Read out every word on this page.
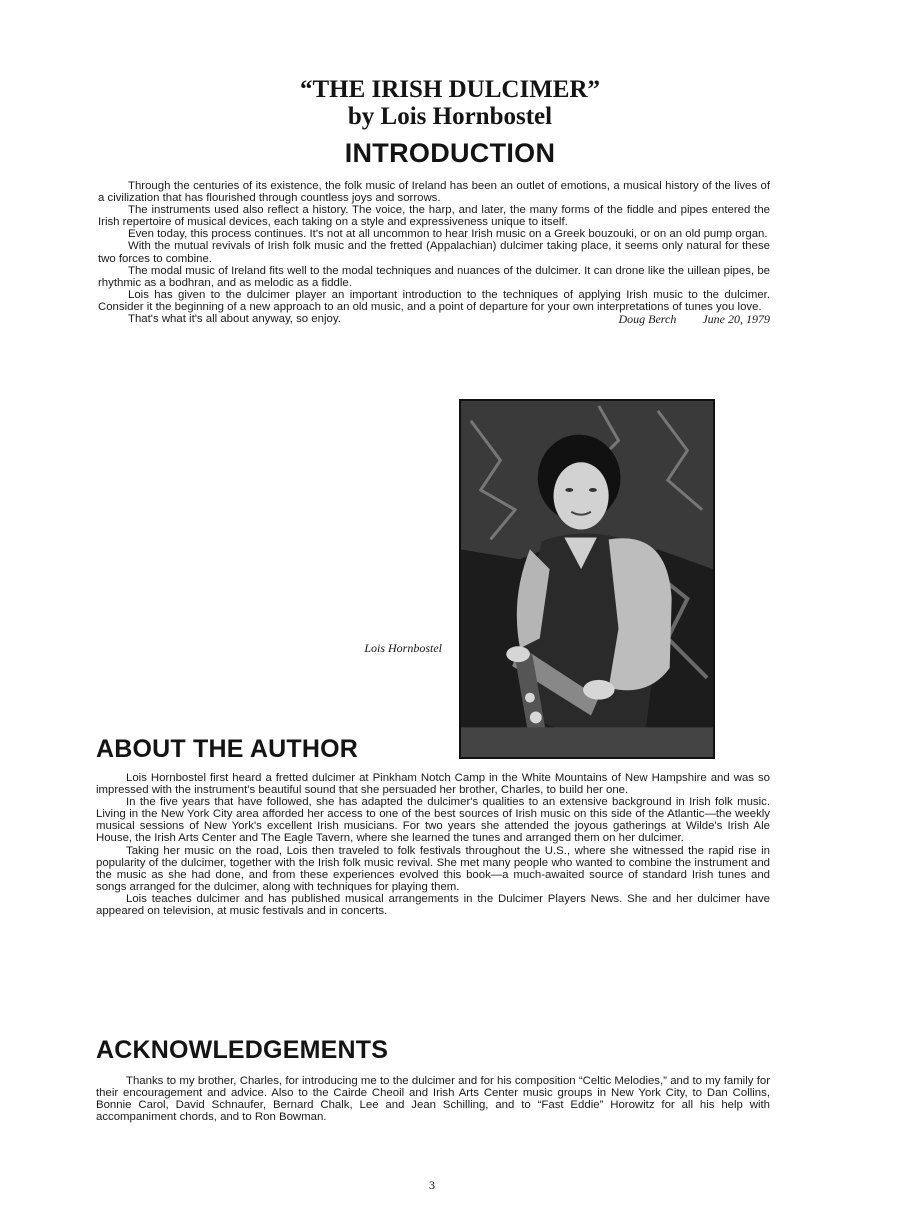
“THE IRISH DULCIMER”
by Lois Hornbostel
INTRODUCTION

Through the centuries of its existence, the folk music of Ireland has been an outlet of emotions, a musical history of the lives of a civilization that has flourished through countless joys and sorrows.

The instruments used also reflect a history. The voice, the harp, and later, the many forms of the fiddle and pipes entered the Irish repertoire of musical devices, each taking on a style and expressiveness unique to itself.

Even today, this process continues. It's not at all uncommon to hear Irish music on a Greek bouzouki, or on an old pump organ.

With the mutual revivals of Irish folk music and the fretted (Appalachian) dulcimer taking place, it seems only natural for these two forces to combine.

The modal music of Ireland fits well to the modal techniques and nuances of the dulcimer. It can drone like the uillean pipes, be rhythmic as a bodhran, and as melodic as a fiddle.

Lois has given to the dulcimer player an important introduction to the techniques of applying Irish music to the dulcimer. Consider it the beginning of a new approach to an old music, and a point of departure for your own interpretations of tunes you love.

That's what it's all about anyway, so enjoy.	Doug Berch June 20, 1979

Lois Hornbostel
ABOUT THE AUTHOR

Lois Hornbostel first heard a fretted dulcimer at Pinkham Notch Camp in the White Mountains of New Hampshire and was so impressed with the instrument's beautiful sound that she persuaded her brother, Charles, to build her one.

In the five years that have followed, she has adapted the dulcimer's qualities to an extensive background in Irish folk music. Living in the New York City area afforded her access to one of the best sources of Irish music on this side of the Atlantic—the weekly musical sessions of New York's excellent Irish musicians. For two years she attended the joyous gatherings at Wilde's Irish Ale House, the Irish Arts Center and The Eagle Tavern, where she learned the tunes and arranged them on her dulcimer.

Taking her music on the road, Lois then traveled to folk festivals throughout the U.S., where she witnessed the rapid rise in popularity of the dulcimer, together with the Irish folk music revival. She met many people who wanted to combine the instrument and the music as she had done, and from these experiences evolved this book—a much-awaited source of standard Irish tunes and songs arranged for the dulcimer, along with techniques for playing them.

Lois teaches dulcimer and has published musical arrangements in the Dulcimer Players News. She and her dulcimer have appeared on television, at music festivals and in concerts.

ACKNOWLEDGEMENTS

Thanks to my brother, Charles, for introducing me to the dulcimer and for his composition “Celtic Melodies,” and to my family for their encouragement and advice. Also to the Cairde Cheoil and Irish Arts Center music groups in New York City, to Dan Collins, Bonnie Carol, David Schnaufer, Bernard Chalk, Lee and Jean Schilling, and to “Fast Eddie” Horowitz for all his help with accompaniment chords, and to Ron Bowman.

3
